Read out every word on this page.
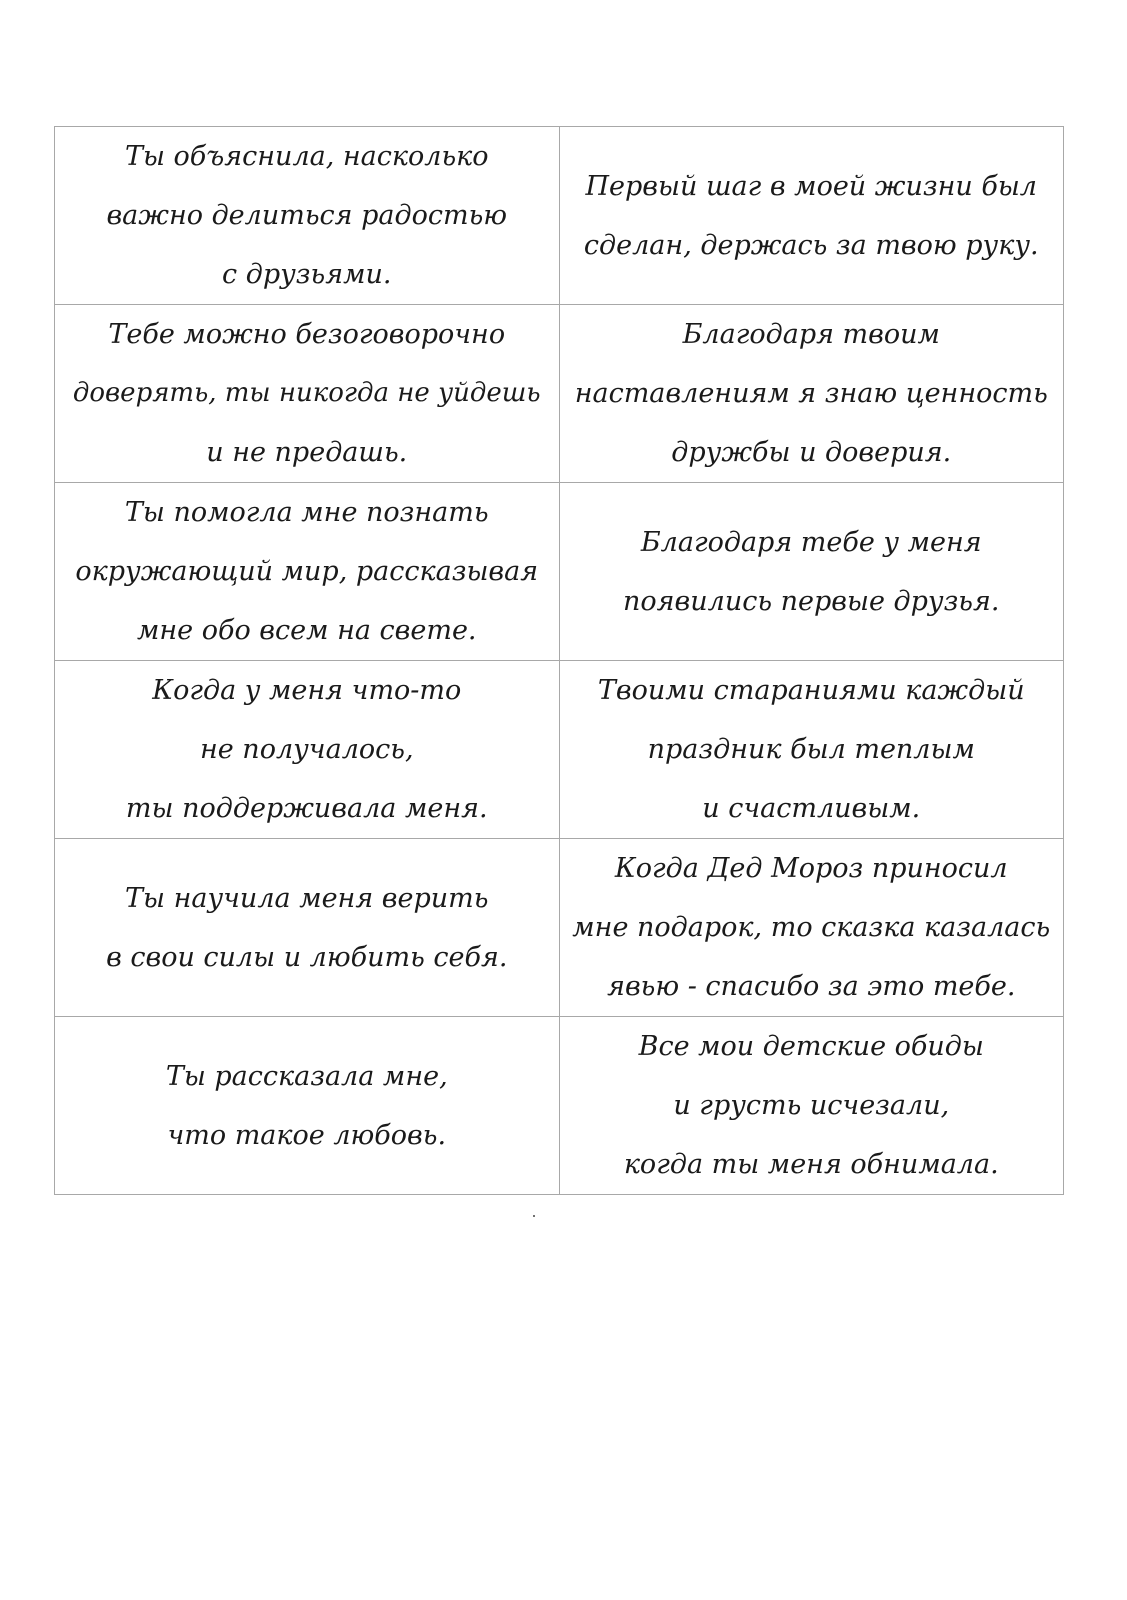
Ты объяснила, насколько
важно делиться радостью
с друзьями.	Первый шаг в моей жизни был
сделан, держась за твою руку.

Тебе можно безоговорочно
доверять, ты никогда не уйдешь
и не предашь.	Благодаря твоим
наставлениям я знаю ценность
дружбы и доверия.

Ты помогла мне познать
окружающий мир, рассказывая
мне обо всем на свете.	Благодаря тебе у меня
появились первые друзья.

Когда у меня что-то
не получалось,
ты поддерживала меня.	Твоими стараниями каждый
праздник был теплым
и счастливым.

Ты научила меня верить
в свои силы и любить себя.	Когда Дед Мороз приносил
мне подарок, то сказка казалась
явью - спасибо за это тебе.

Ты рассказала мне,
что такое любовь.	Все мои детские обиды
и грусть исчезали,
когда ты меня обнимала.
